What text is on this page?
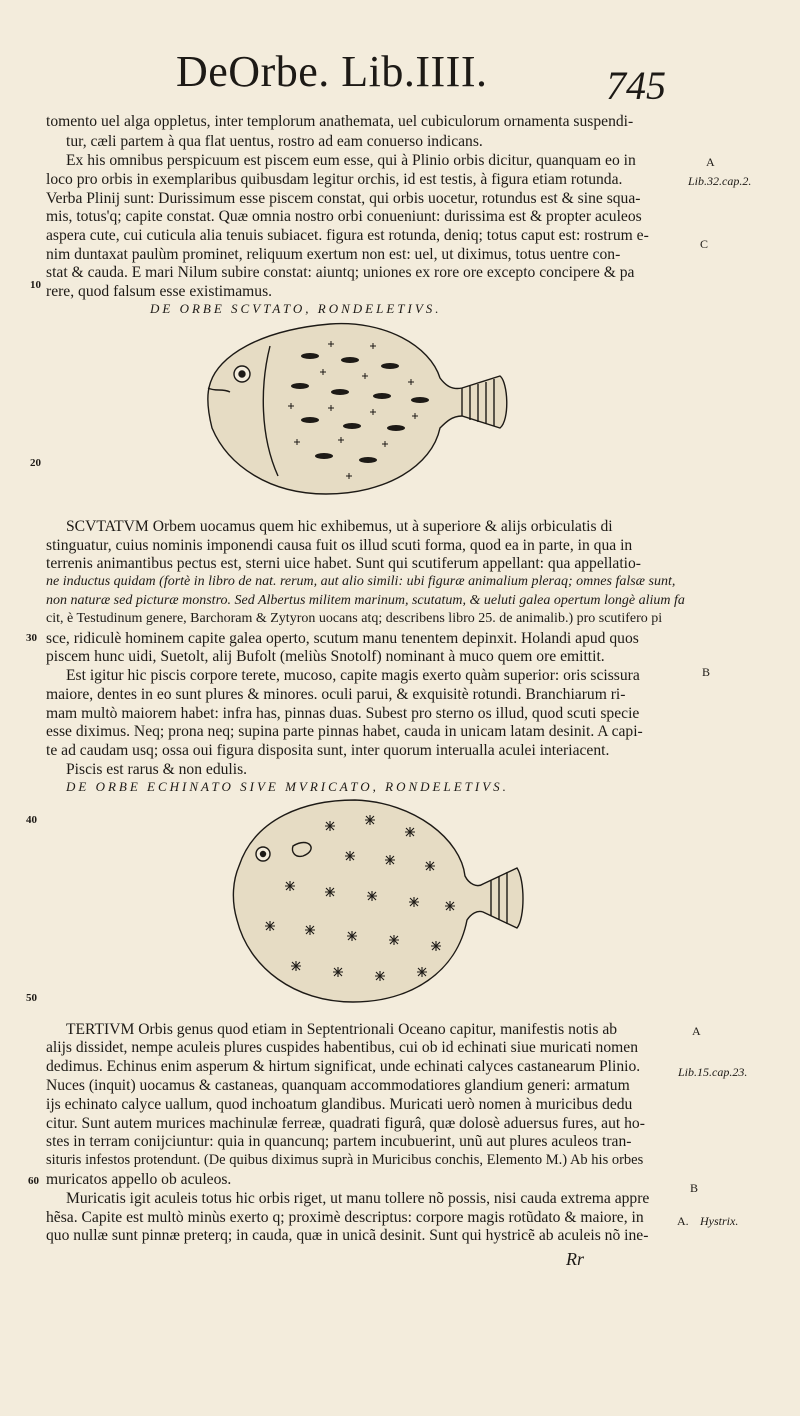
DeOrbe. Lib.IIII.	745
tomento uel alga oppletus, inter templorum anathemata, uel cubiculorum ornamenta suspendi-
tur, cæli partem à qua flat uentus, rostro ad eam conuerso indicans.
Ex his omnibus perspicuum est piscem eum esse, qui à Plinio orbis dicitur, quanquam eo in
loco pro orbis in exemplaribus quibusdam legitur orchis, id est testis, à figura etiam rotunda.
Verba Plinij sunt: Durissimum esse piscem constat, qui orbis uocetur, rotundus est & sine squa-
mis, totus'q; capite constat. Quæ omnia nostro orbi conueniunt: durissima est & propter aculeos
aspera cute, cui cuticula alia tenuis subiacet. figura est rotunda, deniq; totus caput est: rostrum e-
nim duntaxat paulùm prominet, reliquum exertum non est: uel, ut diximus, totus uentre con-
stat & cauda. E mari Nilum subire constat: aiuntq; uniones ex rore ore excepto concipere & pa
rere, quod falsum esse existimamus.
DE ORBE SCVTATO, RONDELETIVS.
SCVTATVM Orbem uocamus quem hic exhibemus, ut à superiore & alijs orbiculatis di
stinguatur, cuius nominis imponendi causa fuit os illud scuti forma, quod ea in parte, in qua in
terrenis animantibus pectus est, sterni uice habet. Sunt qui scutiferum appellant: qua appellatio-
ne inductus quidam (fortè in libro de nat. rerum, aut alio simili: ubi figuræ animalium pleraq; omnes falsæ sunt,
non naturæ sed picturæ monstro. Sed Albertus militem marinum, scutatum, & ueluti galea opertum longè alium fa
cit, è Testudinum genere, Barchoram & Zytyron uocans atq; describens libro 25. de animalib.) pro scutifero pi
sce, ridiculè hominem capite galea operto, scutum manu tenentem depinxit. Holandi apud quos
piscem hunc uidi, Suetolt, alij Bufolt (meliùs Snotolf) nominant à muco quem ore emittit.
Est igitur hic piscis corpore terete, mucoso, capite magis exerto quàm superior: oris scissura
maiore, dentes in eo sunt plures & minores. oculi parui, & exquisitè rotundi. Branchiarum ri-
mam multò maiorem habet: infra has, pinnas duas. Subest pro sterno os illud, quod scuti specie
esse diximus. Neq; prona neq; supina parte pinnas habet, cauda in unicam latam desinit. A capi-
te ad caudam usq; ossa oui figura disposita sunt, inter quorum interualla aculei interiacent.
Piscis est rarus & non edulis.
DE ORBE ECHINATO SIVE MVRICATO, RONDELETIVS.
TERTIVM Orbis genus quod etiam in Septentrionali Oceano capitur, manifestis notis ab
alijs dissidet, nempe aculeis plures cuspides habentibus, cui ob id echinati siue muricati nomen
dedimus. Echinus enim asperum & hirtum significat, unde echinati calyces castanearum Plinio.
Nuces (inquit) uocamus & castaneas, quanquam accommodatiores glandium generi: armatum
ijs echinato calyce uallum, quod inchoatum glandibus. Muricati uerò nomen à muricibus dedu
citur. Sunt autem murices machinulæ ferreæ, quadrati figurâ, quæ dolosè aduersus fures, aut ho-
stes in terram conijciuntur: quia in quancunq; partem incubuerint, unũ aut plures aculeos tran-
situris infestos protendunt. (De quibus diximus suprà in Muricibus conchis, Elemento M.) Ab his orbes
muricatos appello ob aculeos.
Muricatis igit aculeis totus hic orbis riget, ut manu tollere nõ possis, nisi cauda extrema appre
hẽsa. Capite est multò minùs exerto q; proximè descriptus: corpore magis rotũdato & maiore, in
quo nullæ sunt pinnæ preterq; in cauda, quæ in unicã desinit. Sunt qui hystricẽ ab aculeis nõ ine-
Rr
A
Lib.32.cap.2.
C
B
A
Lib.15.cap.23.
B
A. Hystrix.
10
20
30
40
50
60
